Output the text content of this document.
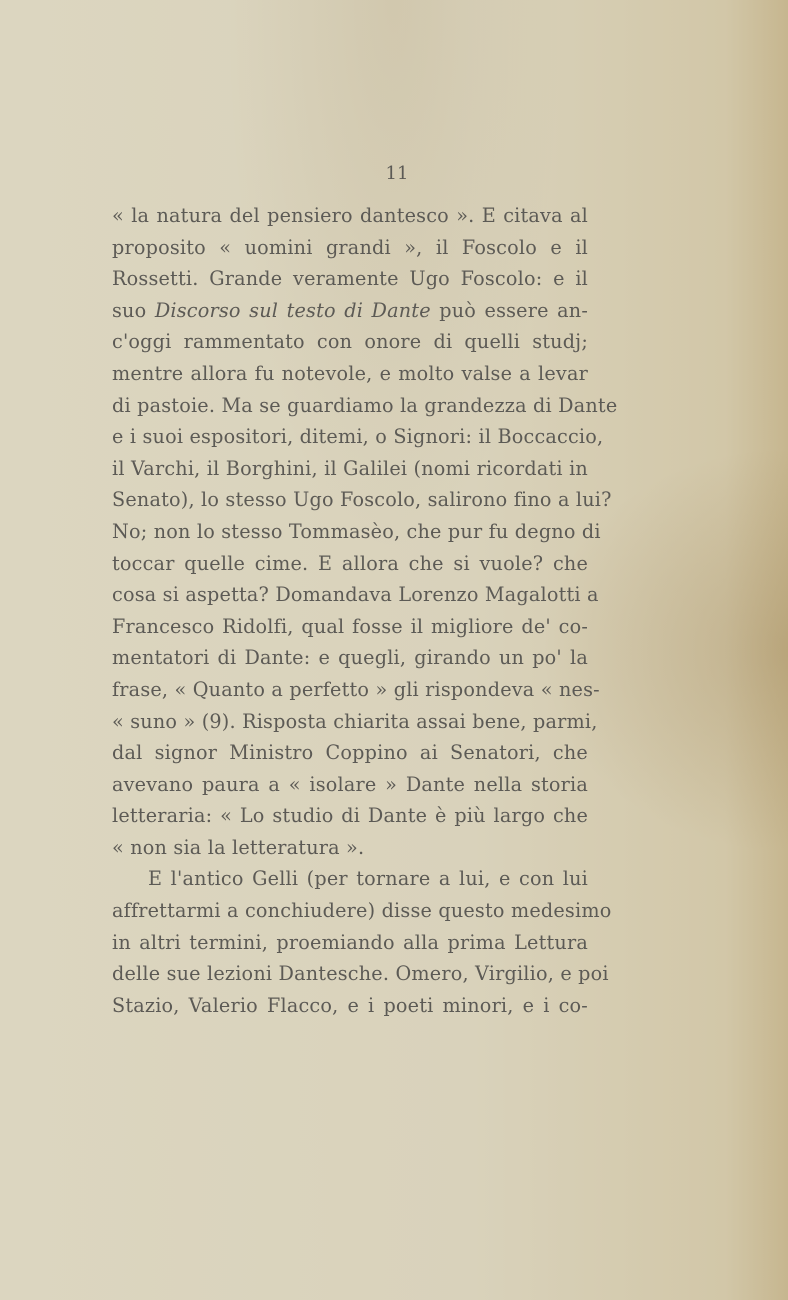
11
« la natura del pensiero dantesco ». E citava al
proposito « uomini grandi », il Foscolo e il
Rossetti. Grande veramente Ugo Foscolo: e il
suo Discorso sul testo di Dante può essere an-
c'oggi rammentato con onore di quelli studj;
mentre allora fu notevole, e molto valse a levar
di pastoie. Ma se guardiamo la grandezza di Dante
e i suoi espositori, ditemi, o Signori: il Boccaccio,
il Varchi, il Borghini, il Galilei (nomi ricordati in
Senato), lo stesso Ugo Foscolo, salirono fino a lui?
No; non lo stesso Tommasèo, che pur fu degno di
toccar quelle cime. E allora che si vuole? che
cosa si aspetta? Domandava Lorenzo Magalotti a
Francesco Ridolfi, qual fosse il migliore de' co-
mentatori di Dante: e quegli, girando un po' la
frase, « Quanto a perfetto » gli rispondeva « nes-
« suno » (9). Risposta chiarita assai bene, parmi,
dal signor Ministro Coppino ai Senatori, che
avevano paura a « isolare » Dante nella storia
letteraria: « Lo studio di Dante è più largo che
« non sia la letteratura ».
E l'antico Gelli (per tornare a lui, e con lui
affrettarmi a conchiudere) disse questo medesimo
in altri termini, proemiando alla prima Lettura
delle sue lezioni Dantesche. Omero, Virgilio, e poi
Stazio, Valerio Flacco, e i poeti minori, e i co-
